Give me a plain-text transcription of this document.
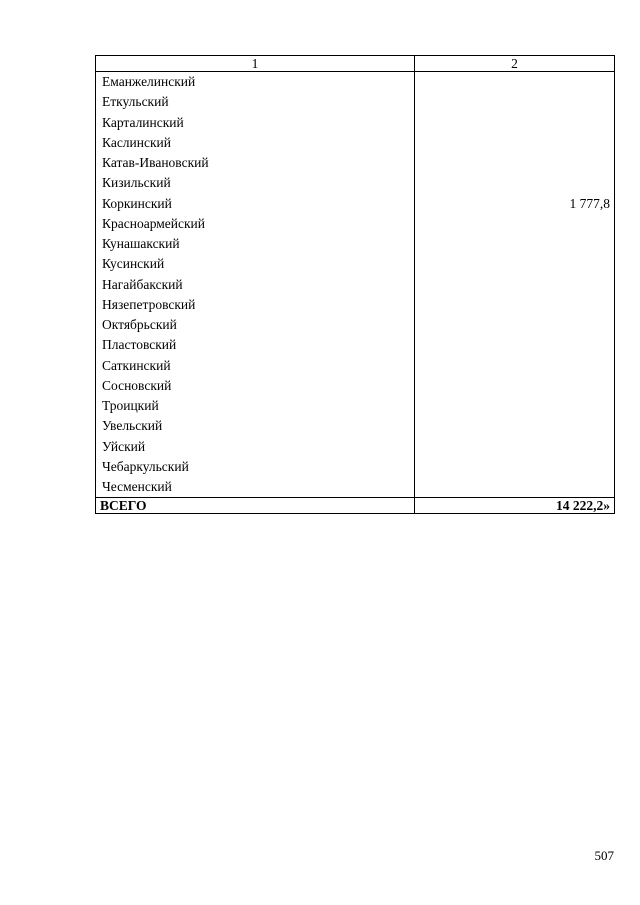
1	2
Еманжелинский	
Еткульский	
Карталинский	
Каслинский	
Катав-Ивановский	
Кизильский	
Коркинский	1 777,8
Красноармейский	
Кунашакский	
Кусинский	
Нагайбакский	
Нязепетровский	
Октябрьский	
Пластовский	
Саткинский	
Сосновский	
Троицкий	
Увельский	
Уйский	
Чебаркульский	
Чесменский	
ВСЕГО	14 222,2»
507
